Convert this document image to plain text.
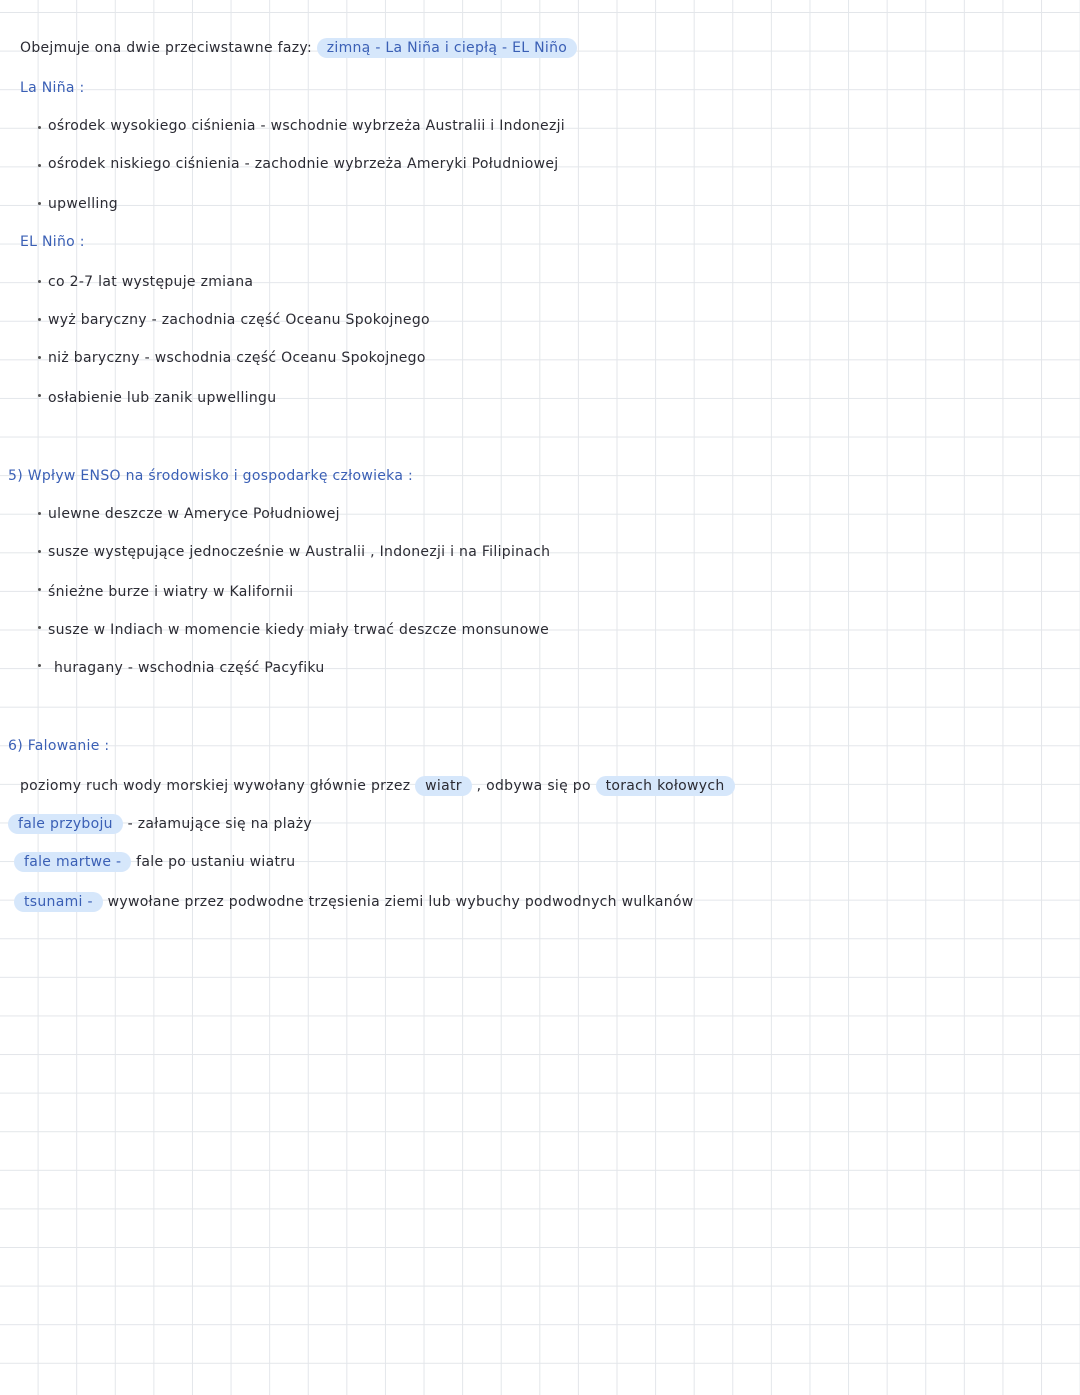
Obejmuje ona dwie przeciwstawne fazy: zimną - La Niña i ciepłą - EL Niño
La Niña :
ośrodek wysokiego ciśnienia - wschodnie wybrzeża Australii i Indonezji
ośrodek niskiego ciśnienia - zachodnie wybrzeża Ameryki Południowej
upwelling
EL Niño :
co 2-7 lat występuje zmiana
wyż baryczny - zachodnia część Oceanu Spokojnego
niż baryczny - wschodnia część Oceanu Spokojnego
osłabienie lub zanik upwellingu
5) Wpływ ENSO na środowisko i gospodarkę człowieka :
ulewne deszcze w Ameryce Południowej
susze występujące jednocześnie w Australii , Indonezji i na Filipinach
śnieżne burze i wiatry w Kalifornii
susze w Indiach w momencie kiedy miały trwać deszcze monsunowe
huragany - wschodnia część Pacyfiku
6) Falowanie :
poziomy ruch wody morskiej wywołany głównie przez wiatr , odbywa się po torach kołowych
fale przyboju - załamujące się na plaży
fale martwe - fale po ustaniu wiatru
tsunami - wywołane przez podwodne trzęsienia ziemi lub wybuchy podwodnych wulkanów
